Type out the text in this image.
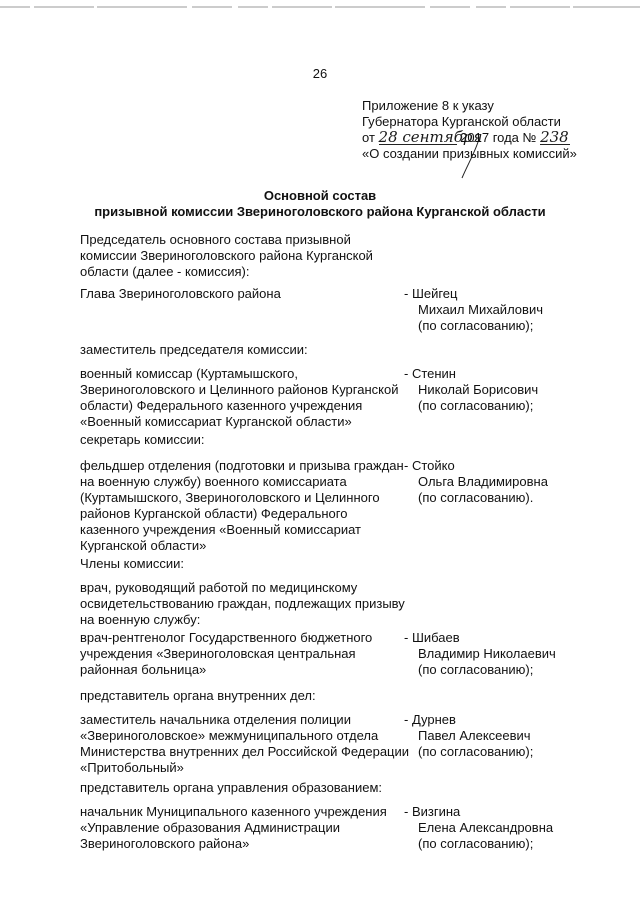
26
Приложение 8 к указу
Губернатора Курганской области
от 28 сентября 2017 года № 238
«О создании призывных комиссий»
Основной состав
призывной комиссии Звериноголовского района Курганской области
Председатель основного состава призывной комиссии Звериноголовского района Курганской области (далее - комиссия):
Глава Звериноголовского района	- Шейгец
Михаил Михайлович
(по согласованию);
заместитель председателя комиссии:
военный комиссар (Куртамышского, Звериноголовского и Целинного районов Курганской области) Федерального казенного учреждения «Военный комиссариат Курганской области»
- Стенин
Николай Борисович
(по согласованию);
секретарь комиссии:
фельдшер отделения (подготовки и призыва граждан на военную службу) военного комиссариата (Куртамышского, Звериноголовского и Целинного районов Курганской области) Федерального казенного учреждения «Военный комиссариат Курганской области»
- Стойко
Ольга Владимировна
(по согласованию).
Члены комиссии:
врач, руководящий работой по медицинскому освидетельствованию граждан, подлежащих призыву на военную службу:
врач-рентгенолог Государственного бюджетного учреждения «Звериноголовская центральная районная больница»
- Шибаев
Владимир Николаевич
(по согласованию);
представитель органа внутренних дел:
заместитель начальника отделения полиции «Звериноголовское» межмуниципального отдела Министерства внутренних дел Российской Федерации «Притобольный»
- Дурнев
Павел Алексеевич
(по согласованию);
представитель органа управления образованием:
начальник Муниципального казенного учреждения «Управление образования Администрации Звериноголовского района»
- Визгина
Елена Александровна
(по согласованию);
